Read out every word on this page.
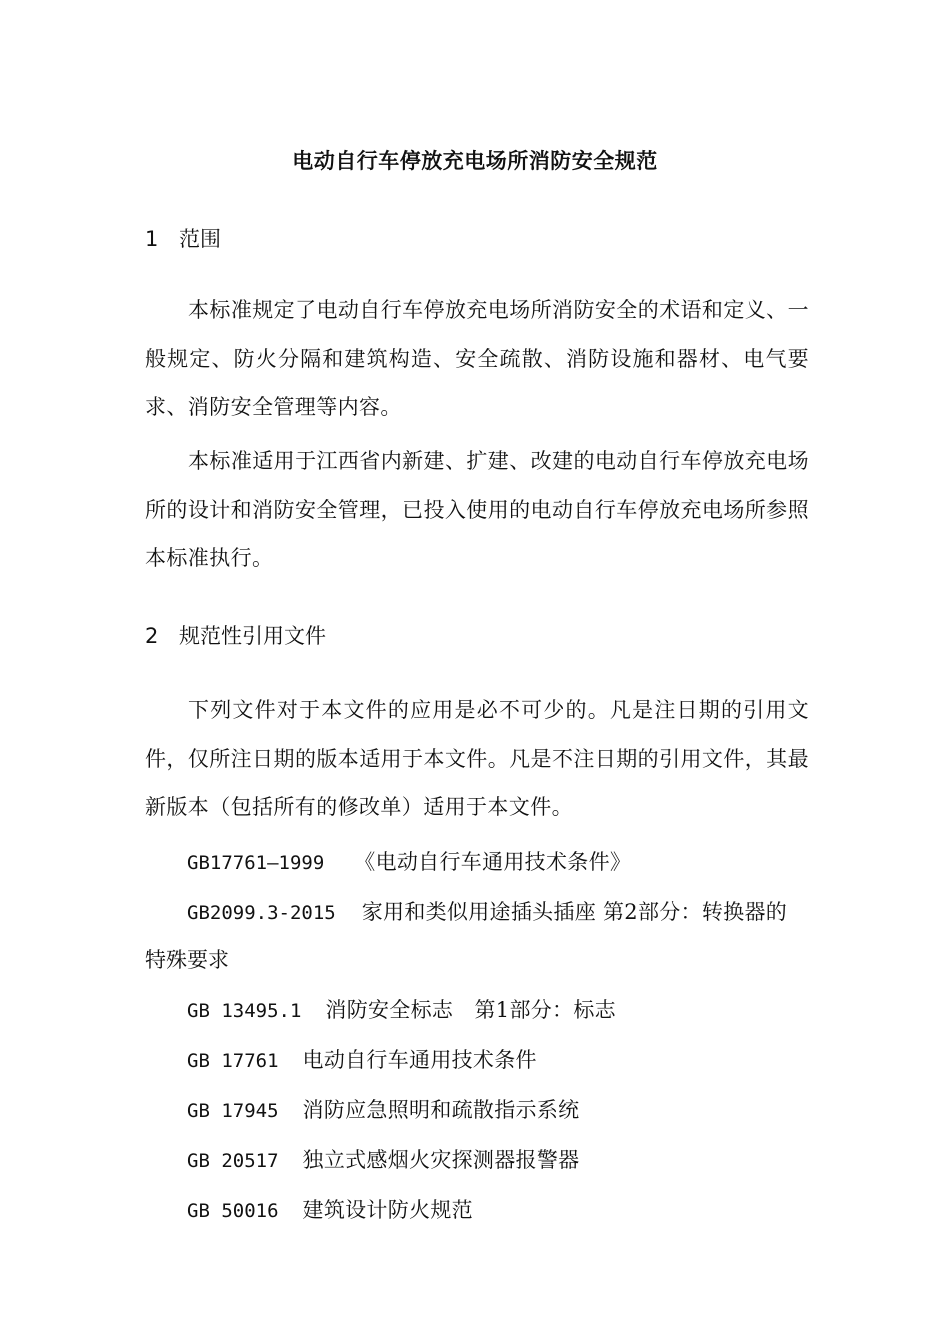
电动自行车停放充电场所消防安全规范
1 范围
本标准规定了电动自行车停放充电场所消防安全的术语和定义、一般规定、防火分隔和建筑构造、安全疏散、消防设施和器材、电气要求、消防安全管理等内容。
本标准适用于江西省内新建、扩建、改建的电动自行车停放充电场所的设计和消防安全管理，已投入使用的电动自行车停放充电场所参照本标准执行。
2 规范性引用文件
下列文件对于本文件的应用是必不可少的。凡是注日期的引用文件，仅所注日期的版本适用于本文件。凡是不注日期的引用文件，其最新版本（包括所有的修改单）适用于本文件。
GB17761—1999 《电动自行车通用技术条件》
GB2099.3-2015 家用和类似用途插头插座 第2部分：转换器的
特殊要求
GB 13495.1 消防安全标志　第1部分：标志
GB 17761 电动自行车通用技术条件
GB 17945 消防应急照明和疏散指示系统
GB 20517 独立式感烟火灾探测器报警器
GB 50016 建筑设计防火规范
